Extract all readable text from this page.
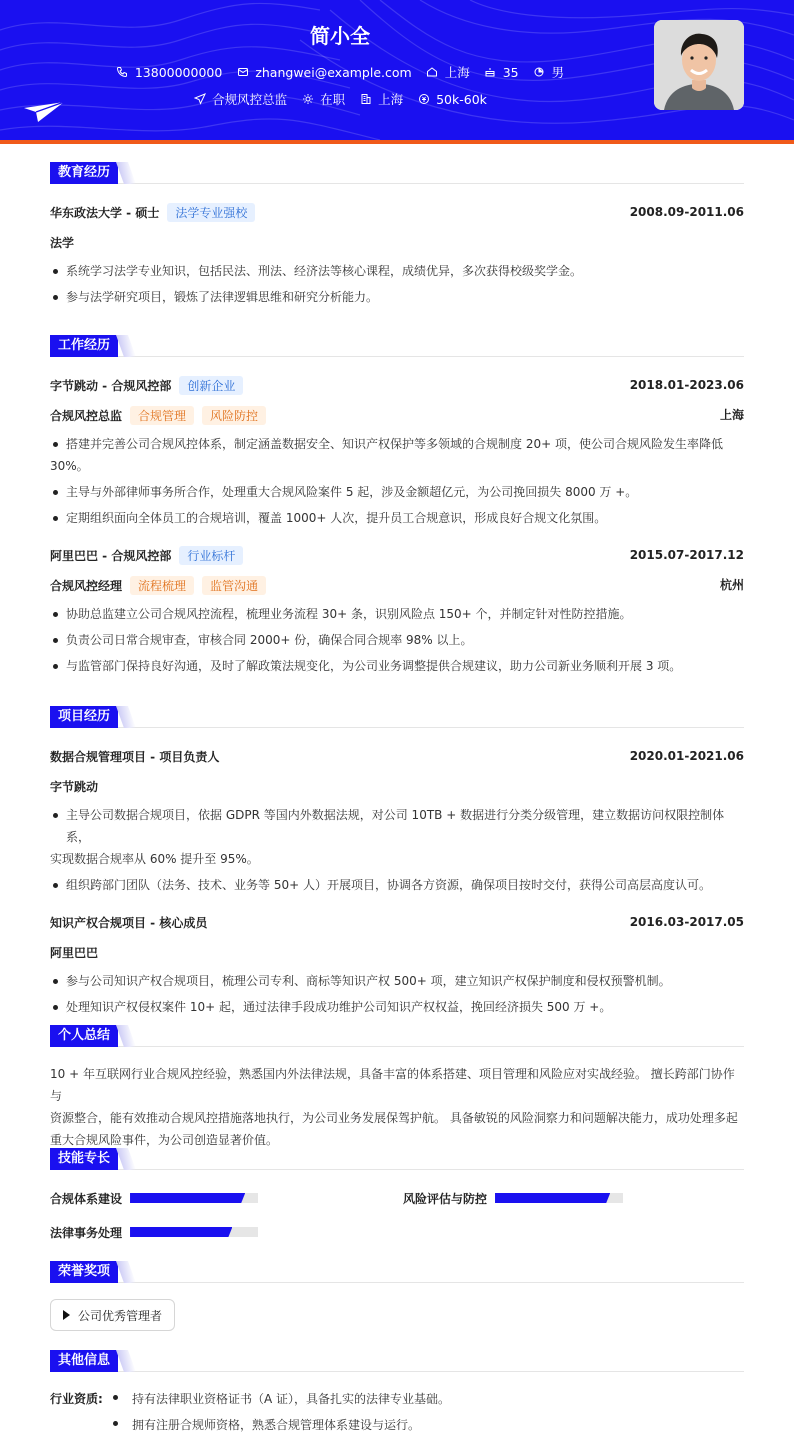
简小全
13800000000	zhangwei@example.com	上海	35	男
合规风控总监	在职	上海	50k-60k
教育经历
华东政法大学 - 硕士	法学专业强校	2008.09-2011.06
法学
系统学习法学专业知识，包括民法、刑法、经济法等核心课程，成绩优异，多次获得校级奖学金。
参与法学研究项目，锻炼了法律逻辑思维和研究分析能力。
工作经历
字节跳动 - 合规风控部	创新企业	2018.01-2023.06
合规风控总监	合规管理	风险防控	上海
搭建并完善公司合规风控体系，制定涵盖数据安全、知识产权保护等多领域的合规制度 20+ 项，使公司合规风险发生率降低
30%。
主导与外部律师事务所合作，处理重大合规风险案件 5 起，涉及金额超亿元，为公司挽回损失 8000 万 +。
定期组织面向全体员工的合规培训，覆盖 1000+ 人次，提升员工合规意识，形成良好合规文化氛围。
阿里巴巴 - 合规风控部	行业标杆	2015.07-2017.12
合规风控经理	流程梳理	监管沟通	杭州
协助总监建立公司合规风控流程，梳理业务流程 30+ 条，识别风险点 150+ 个，并制定针对性防控措施。
负责公司日常合规审查，审核合同 2000+ 份，确保合同合规率 98% 以上。
与监管部门保持良好沟通，及时了解政策法规变化，为公司业务调整提供合规建议，助力公司新业务顺利开展 3 项。
项目经历
数据合规管理项目 - 项目负责人	2020.01-2021.06
字节跳动
主导公司数据合规项目，依据 GDPR 等国内外数据法规，对公司 10TB + 数据进行分类分级管理，建立数据访问权限控制体系，
实现数据合规率从 60% 提升至 95%。
组织跨部门团队（法务、技术、业务等 50+ 人）开展项目，协调各方资源，确保项目按时交付，获得公司高层高度认可。
知识产权合规项目 - 核心成员	2016.03-2017.05
阿里巴巴
参与公司知识产权合规项目，梳理公司专利、商标等知识产权 500+ 项，建立知识产权保护制度和侵权预警机制。
处理知识产权侵权案件 10+ 起，通过法律手段成功维护公司知识产权权益，挽回经济损失 500 万 +。
个人总结
10 + 年互联网行业合规风控经验，熟悉国内外法律法规，具备丰富的体系搭建、项目管理和风险应对实战经验。 擅长跨部门协作与
资源整合，能有效推动合规风控措施落地执行，为公司业务发展保驾护航。 具备敏锐的风险洞察力和问题解决能力，成功处理多起
重大合规风险事件，为公司创造显著价值。
技能专长
合规体系建设	风险评估与防控
法律事务处理
荣誉奖项
公司优秀管理者
其他信息
行业资质:	持有法律职业资格证书（A 证），具备扎实的法律专业基础。
拥有注册合规师资格，熟悉合规管理体系建设与运行。
